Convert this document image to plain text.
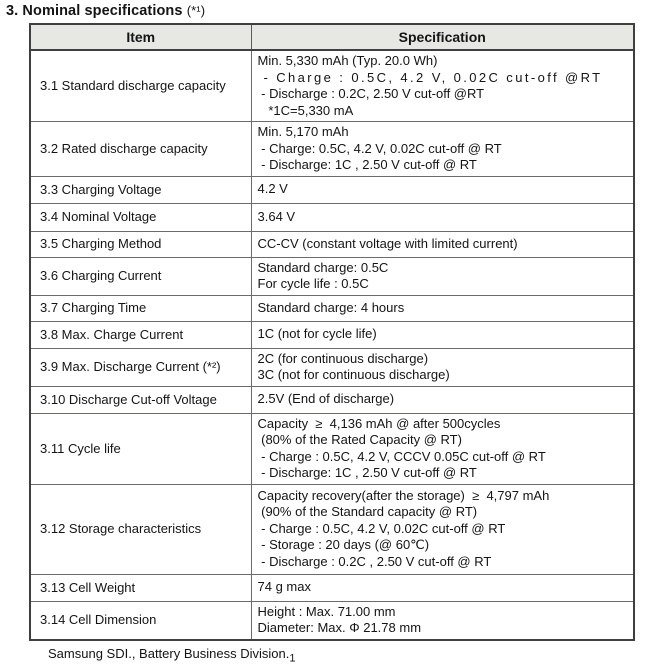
3. Nominal specifications (*¹)
Item	Specification
3.1 Standard discharge capacity	Min. 5,330 mAh (Typ. 20.0 Wh)
- Charge : 0.5C, 4.2 V, 0.02C cut-off @RT
- Discharge : 0.2C, 2.50 V cut-off @RT
*1C=5,330 mA

3.2 Rated discharge capacity	Min. 5,170 mAh
- Charge: 0.5C, 4.2 V, 0.02C cut-off @ RT
- Discharge: 1C , 2.50 V cut-off @ RT

3.3 Charging Voltage	4.2 V

3.4 Nominal Voltage	3.64 V

3.5 Charging Method	CC-CV (constant voltage with limited current)

3.6 Charging Current	Standard charge: 0.5C
For cycle life : 0.5C

3.7 Charging Time	Standard charge: 4 hours

3.8 Max. Charge Current	1C (not for cycle life)

3.9 Max. Discharge Current (*²)	2C (for continuous discharge)
3C (not for continuous discharge)

3.10 Discharge Cut-off Voltage	2.5V (End of discharge)

3.11 Cycle life	Capacity  ≥  4,136 mAh @ after 500cycles
(80% of the Rated Capacity @ RT)
- Charge : 0.5C, 4.2 V, CCCV 0.05C cut-off @ RT
- Discharge: 1C , 2.50 V cut-off @ RT

3.12 Storage characteristics	Capacity recovery(after the storage)  ≥  4,797 mAh
(90% of the Standard capacity @ RT)
- Charge : 0.5C, 4.2 V, 0.02C cut-off @ RT
- Storage : 20 days (@ 60℃)
- Discharge : 0.2C , 2.50 V cut-off @ RT

3.13 Cell Weight	74 g max

3.14 Cell Dimension	Height : Max. 71.00 mm
Diameter: Max. Φ 21.78 mm
Samsung SDI., Battery Business $Division._1$
